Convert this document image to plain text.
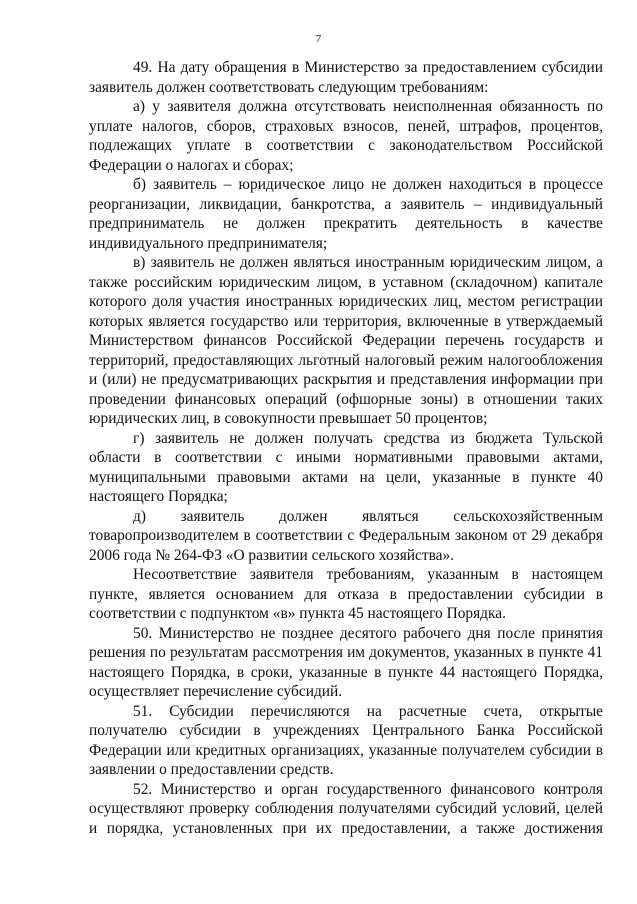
7

49. На дату обращения в Министерство за предоставлением субсидии заявитель должен соответствовать следующим требованиям:

а) у заявителя должна отсутствовать неисполненная обязанность по уплате налогов, сборов, страховых взносов, пеней, штрафов, процентов, подлежащих уплате в соответствии с законодательством Российской Федерации о налогах и сборах;

б) заявитель – юридическое лицо не должен находиться в процессе реорганизации, ликвидации, банкротства, а заявитель – индивидуальный предприниматель не должен прекратить деятельность в качестве индивидуального предпринимателя;

в) заявитель не должен являться иностранным юридическим лицом, а также российским юридическим лицом, в уставном (складочном) капитале которого доля участия иностранных юридических лиц, местом регистрации которых является государство или территория, включенные в утверждаемый Министерством финансов Российской Федерации перечень государств и территорий, предоставляющих льготный налоговый режим налогообложения и (или) не предусматривающих раскрытия и представления информации при проведении финансовых операций (офшорные зоны) в отношении таких юридических лиц, в совокупности превышает 50 процентов;

г) заявитель не должен получать средства из бюджета Тульской области в соответствии с иными нормативными правовыми актами, муниципальными правовыми актами на цели, указанные в пункте 40 настоящего Порядка;

д) заявитель должен являться сельскохозяйственным товаропроизводителем в соответствии с Федеральным законом от 29 декабря 2006 года № 264-ФЗ «О развитии сельского хозяйства».

Несоответствие заявителя требованиям, указанным в настоящем пункте, является основанием для отказа в предоставлении субсидии в соответствии с подпунктом «в» пункта 45 настоящего Порядка.

50. Министерство не позднее десятого рабочего дня после принятия решения по результатам рассмотрения им документов, указанных в пункте 41 настоящего Порядка, в сроки, указанные в пункте 44 настоящего Порядка, осуществляет перечисление субсидий.

51. Субсидии перечисляются на расчетные счета, открытые получателю субсидии в учреждениях Центрального Банка Российской Федерации или кредитных организациях, указанные получателем субсидии в заявлении о предоставлении средств.

52. Министерство и орган государственного финансового контроля осуществляют проверку соблюдения получателями субсидий условий, целей и порядка, установленных при их предоставлении, а также достижения
